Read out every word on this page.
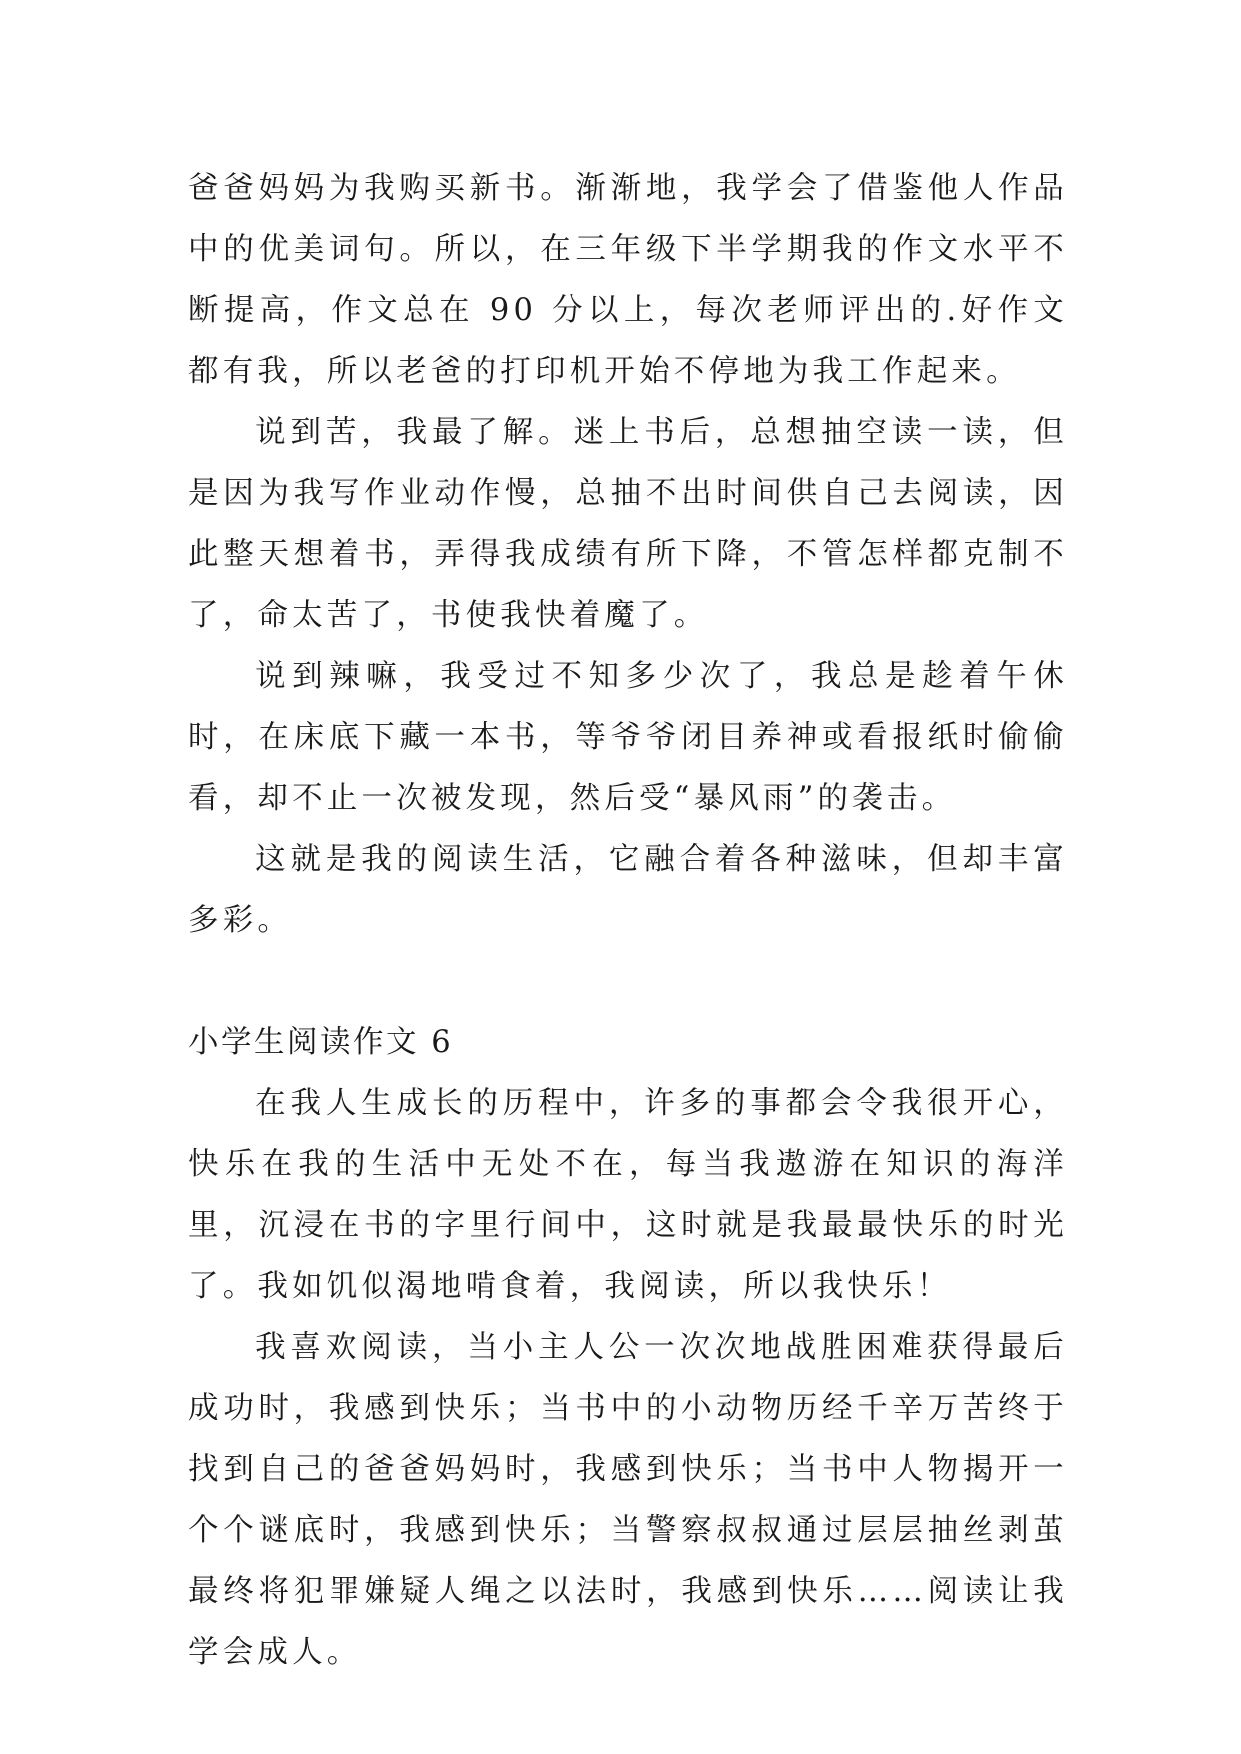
爸爸妈妈为我购买新书。渐渐地，我学会了借鉴他人作品中的优美词句。所以，在三年级下半学期我的作文水平不断提高，作文总在 90 分以上，每次老师评出的.好作文都有我，所以老爸的打印机开始不停地为我工作起来。

说到苦，我最了解。迷上书后，总想抽空读一读，但是因为我写作业动作慢，总抽不出时间供自己去阅读，因此整天想着书，弄得我成绩有所下降，不管怎样都克制不了，命太苦了，书使我快着魔了。

说到辣嘛，我受过不知多少次了，我总是趁着午休时，在床底下藏一本书，等爷爷闭目养神或看报纸时偷偷看，却不止一次被发现，然后受“暴风雨”的袭击。

这就是我的阅读生活，它融合着各种滋味，但却丰富多彩。

小学生阅读作文 6

在我人生成长的历程中，许多的事都会令我很开心，快乐在我的生活中无处不在，每当我遨游在知识的海洋里，沉浸在书的字里行间中，这时就是我最最快乐的时光了。我如饥似渴地啃食着，我阅读，所以我快乐！

我喜欢阅读，当小主人公一次次地战胜困难获得最后成功时，我感到快乐；当书中的小动物历经千辛万苦终于找到自己的爸爸妈妈时，我感到快乐；当书中人物揭开一个个谜底时，我感到快乐；当警察叔叔通过层层抽丝剥茧最终将犯罪嫌疑人绳之以法时，我感到快乐……阅读让我学会成人。
